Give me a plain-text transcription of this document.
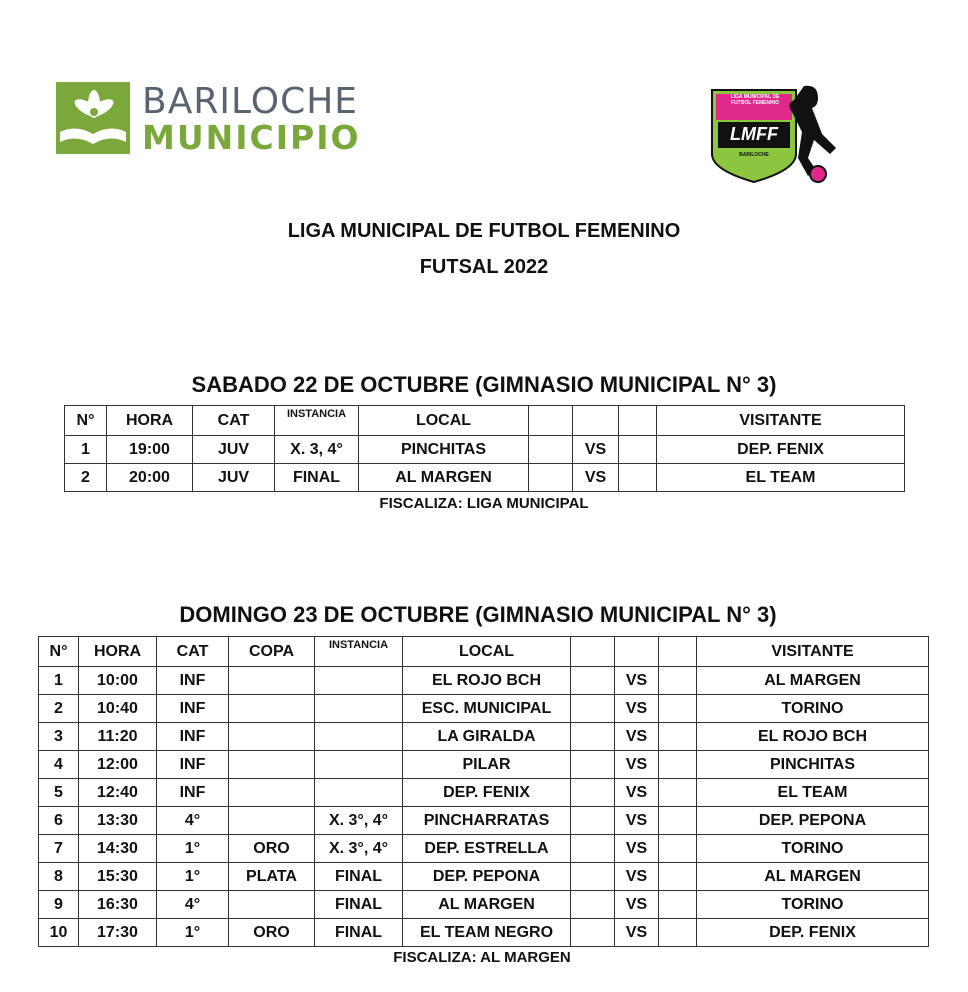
BARILOCHE
MUNICIPIO
LIGA MUNICIPAL DE FUTBOL FEMENINO
LMFF
BARILOCHE
LIGA MUNICIPAL DE FUTBOL FEMENINO
FUTSAL 2022
SABADO 22 DE OCTUBRE (GIMNASIO MUNICIPAL N° 3)
N°	HORA	CAT	INSTANCIA	LOCAL				VISITANTE
1	19:00	JUV	X. 3, 4°	PINCHITAS		VS		DEP. FENIX
2	20:00	JUV	FINAL	AL MARGEN		VS		EL TEAM
FISCALIZA: LIGA MUNICIPAL
DOMINGO 23 DE OCTUBRE (GIMNASIO MUNICIPAL N° 3)
N°	HORA	CAT	COPA	INSTANCIA	LOCAL				VISITANTE
1	10:00	INF			EL ROJO BCH		VS		AL MARGEN
2	10:40	INF			ESC. MUNICIPAL		VS		TORINO
3	11:20	INF			LA GIRALDA		VS		EL ROJO BCH
4	12:00	INF			PILAR		VS		PINCHITAS
5	12:40	INF			DEP. FENIX		VS		EL TEAM
6	13:30	4°		X. 3°, 4°	PINCHARRATAS		VS		DEP. PEPONA
7	14:30	1°	ORO	X. 3°, 4°	DEP. ESTRELLA		VS		TORINO
8	15:30	1°	PLATA	FINAL	DEP. PEPONA		VS		AL MARGEN
9	16:30	4°		FINAL	AL MARGEN		VS		TORINO
10	17:30	1°	ORO	FINAL	EL TEAM NEGRO		VS		DEP. FENIX
FISCALIZA: AL MARGEN
